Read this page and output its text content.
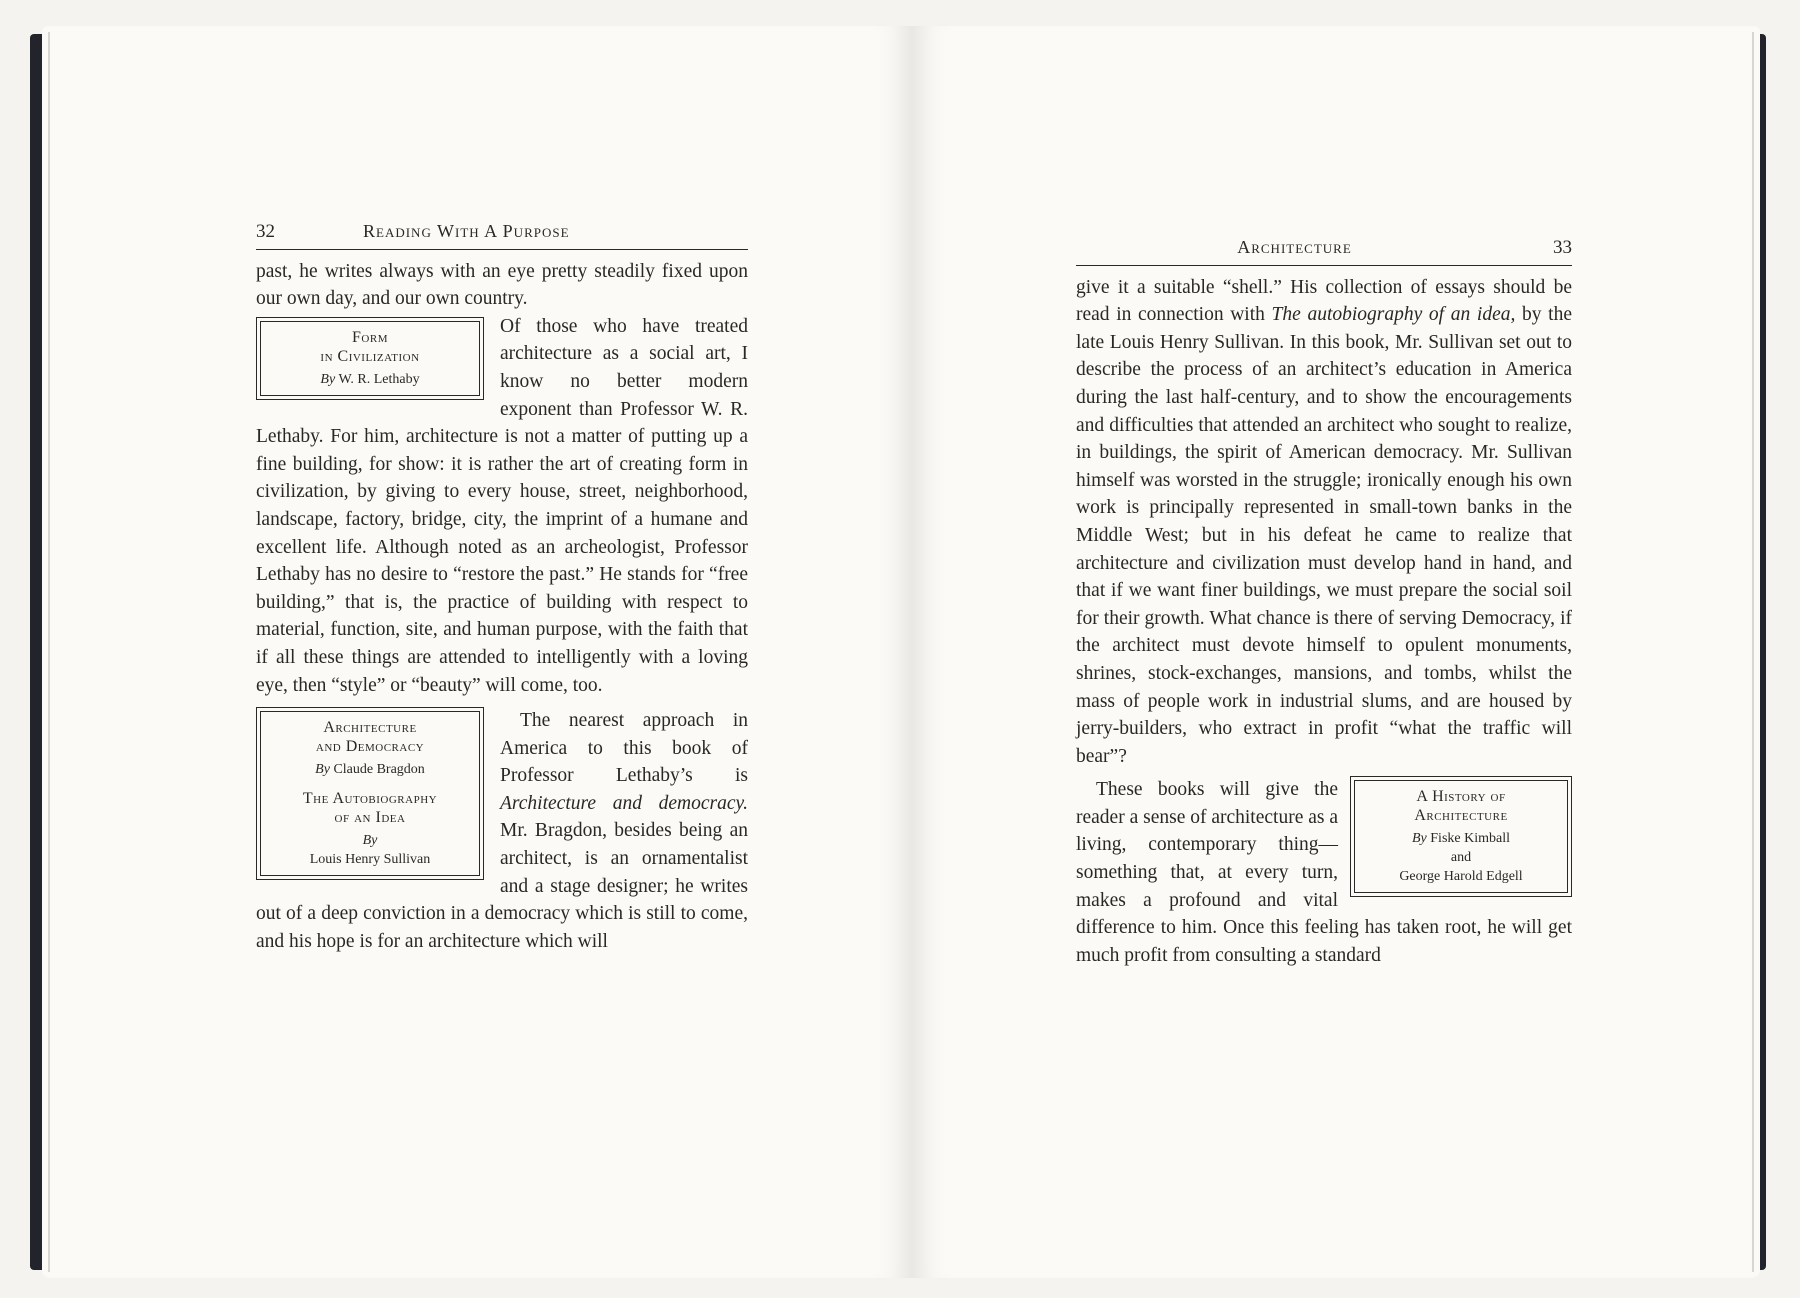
32	Reading With A Purpose

past, he writes always with an eye pretty steadily fixed upon our own day, and our own country.

Form
in Civilization
By W. R. Lethaby

Of those who have treated architecture as a social art, I know no better modern exponent than Professor W. R. Lethaby. For him, architecture is not a matter of putting up a fine building, for show: it is rather the art of creating form in civilization, by giving to every house, street, neighborhood, landscape, factory, bridge, city, the imprint of a humane and excellent life. Although noted as an archeologist, Professor Lethaby has no desire to “restore the past.” He stands for “free building,” that is, the practice of building with respect to material, function, site, and human purpose, with the faith that if all these things are attended to intelligently with a loving eye, then “style” or “beauty” will come, too.

Architecture
and Democracy
By Claude Bragdon
The Autobiography
of an Idea
By
Louis Henry Sullivan

The nearest approach in America to this book of Professor Lethaby’s is Architecture and democracy. Mr. Bragdon, besides being an architect, is an ornamentalist and a stage designer; he writes out of a deep conviction in a democracy which is still to come, and his hope is for an architecture which will

Architecture	33

give it a suitable “shell.” His collection of essays should be read in connection with The autobiography of an idea, by the late Louis Henry Sullivan. In this book, Mr. Sullivan set out to describe the process of an architect’s education in America during the last half-century, and to show the encouragements and difficulties that attended an architect who sought to realize, in buildings, the spirit of American democracy. Mr. Sullivan himself was worsted in the struggle; ironically enough his own work is principally represented in small-town banks in the Middle West; but in his defeat he came to realize that architecture and civilization must develop hand in hand, and that if we want finer buildings, we must prepare the social soil for their growth. What chance is there of serving Democracy, if the architect must devote himself to opulent monuments, shrines, stock-exchanges, mansions, and tombs, whilst the mass of people work in industrial slums, and are housed by jerry-builders, who extract in profit “what the traffic will bear”?

A History of
Architecture
By Fiske Kimball
and
George Harold Edgell

These books will give the reader a sense of architecture as a living, contemporary thing—something that, at every turn, makes a profound and vital difference to him. Once this feeling has taken root, he will get much profit from consulting a standard
